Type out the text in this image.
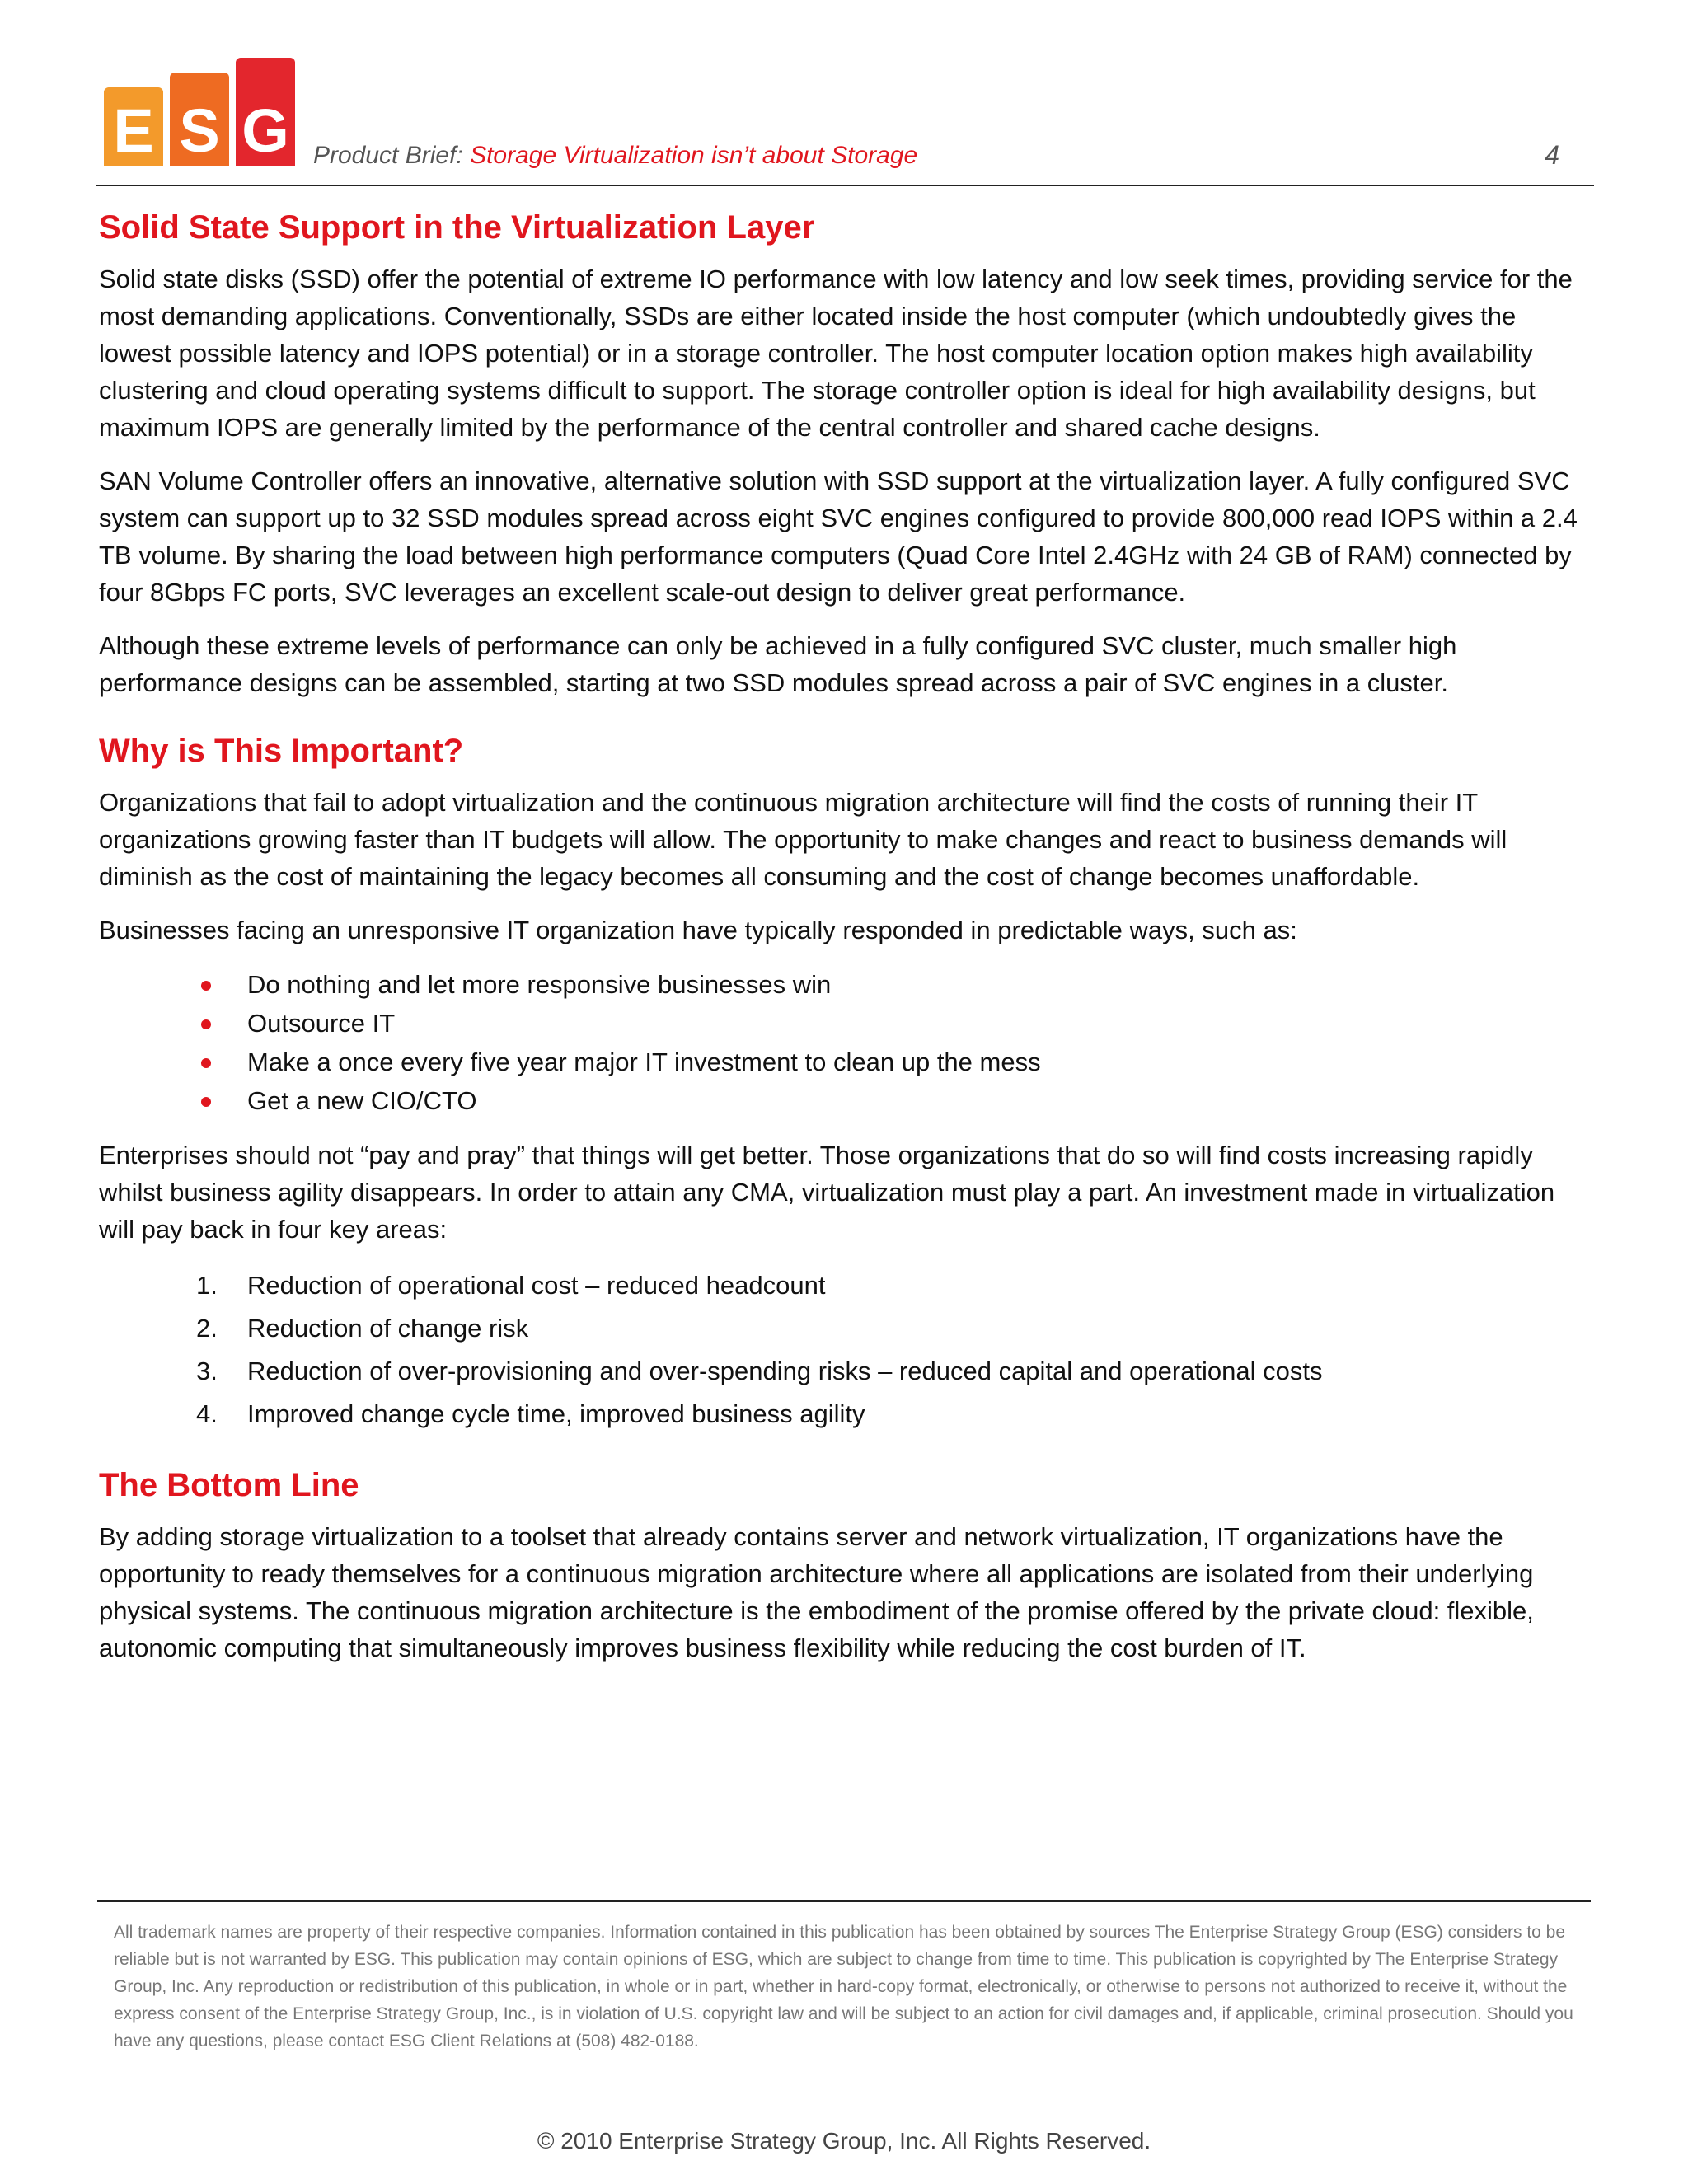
E S G Product Brief: Storage Virtualization isn’t about Storage	4
Solid State Support in the Virtualization Layer

Solid state disks (SSD) offer the potential of extreme IO performance with low latency and low seek times, providing service for the most demanding applications. Conventionally, SSDs are either located inside the host computer (which undoubtedly gives the lowest possible latency and IOPS potential) or in a storage controller. The host computer location option makes high availability clustering and cloud operating systems difficult to support. The storage controller option is ideal for high availability designs, but maximum IOPS are generally limited by the performance of the central controller and shared cache designs.

SAN Volume Controller offers an innovative, alternative solution with SSD support at the virtualization layer. A fully configured SVC system can support up to 32 SSD modules spread across eight SVC engines configured to provide 800,000 read IOPS within a 2.4 TB volume. By sharing the load between high performance computers (Quad Core Intel 2.4GHz with 24 GB of RAM) connected by four 8Gbps FC ports, SVC leverages an excellent scale-out design to deliver great performance.

Although these extreme levels of performance can only be achieved in a fully configured SVC cluster, much smaller high performance designs can be assembled, starting at two SSD modules spread across a pair of SVC engines in a cluster.

Why is This Important?

Organizations that fail to adopt virtualization and the continuous migration architecture will find the costs of running their IT organizations growing faster than IT budgets will allow. The opportunity to make changes and react to business demands will diminish as the cost of maintaining the legacy becomes all consuming and the cost of change becomes unaffordable.

Businesses facing an unresponsive IT organization have typically responded in predictable ways, such as:

Do nothing and let more responsive businesses win
Outsource IT
Make a once every five year major IT investment to clean up the mess
Get a new CIO/CTO

Enterprises should not “pay and pray” that things will get better. Those organizations that do so will find costs increasing rapidly whilst business agility disappears. In order to attain any CMA, virtualization must play a part. An investment made in virtualization will pay back in four key areas:

1. Reduction of operational cost – reduced headcount
2. Reduction of change risk
3. Reduction of over-provisioning and over-spending risks – reduced capital and operational costs
4. Improved change cycle time, improved business agility
The Bottom Line

By adding storage virtualization to a toolset that already contains server and network virtualization, IT organizations have the opportunity to ready themselves for a continuous migration architecture where all applications are isolated from their underlying physical systems. The continuous migration architecture is the embodiment of the promise offered by the private cloud: flexible, autonomic computing that simultaneously improves business flexibility while reducing the cost burden of IT.

All trademark names are property of their respective companies. Information contained in this publication has been obtained by sources The Enterprise Strategy Group (ESG) considers to be reliable but is not warranted by ESG. This publication may contain opinions of ESG, which are subject to change from time to time. This publication is copyrighted by The Enterprise Strategy Group, Inc. Any reproduction or redistribution of this publication, in whole or in part, whether in hard-copy format, electronically, or otherwise to persons not authorized to receive it, without the express consent of the Enterprise Strategy Group, Inc., is in violation of U.S. copyright law and will be subject to an action for civil damages and, if applicable, criminal prosecution. Should you have any questions, please contact ESG Client Relations at (508) 482-0188.

© 2010 Enterprise Strategy Group, Inc. All Rights Reserved.
